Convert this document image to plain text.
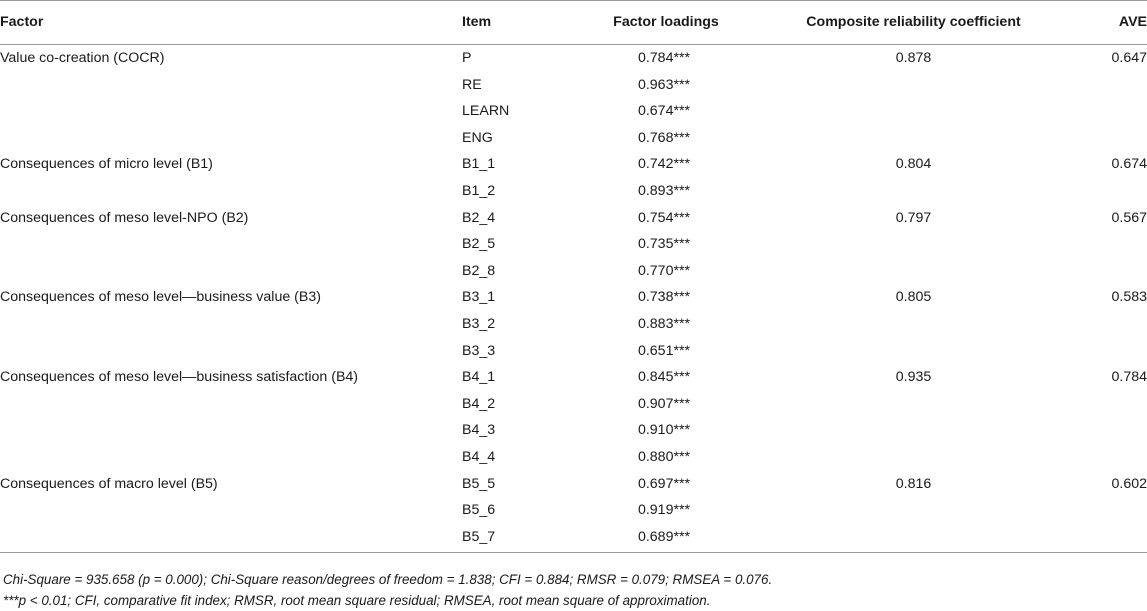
Factor	Item	Factor loadings	Composite reliability coefficient	AVE
Value co-creation (COCR)	P	0.784***	0.878	0.647
	RE	0.963***		
	LEARN	0.674***		
	ENG	0.768***		
Consequences of micro level (B1)	B1_1	0.742***	0.804	0.674
	B1_2	0.893***		
Consequences of meso level-NPO (B2)	B2_4	0.754***	0.797	0.567
	B2_5	0.735***		
	B2_8	0.770***		
Consequences of meso level—business value (B3)	B3_1	0.738***	0.805	0.583
	B3_2	0.883***		
	B3_3	0.651***		
Consequences of meso level—business satisfaction (B4)	B4_1	0.845***	0.935	0.784
	B4_2	0.907***		
	B4_3	0.910***		
	B4_4	0.880***		
Consequences of macro level (B5)	B5_5	0.697***	0.816	0.602
	B5_6	0.919***		
	B5_7	0.689***		
Chi-Square = 935.658 (p = 0.000); Chi-Square reason/degrees of freedom = 1.838; CFI = 0.884; RMSR = 0.079; RMSEA = 0.076.
***p < 0.01; CFI, comparative fit index; RMSR, root mean square residual; RMSEA, root mean square of approximation.
